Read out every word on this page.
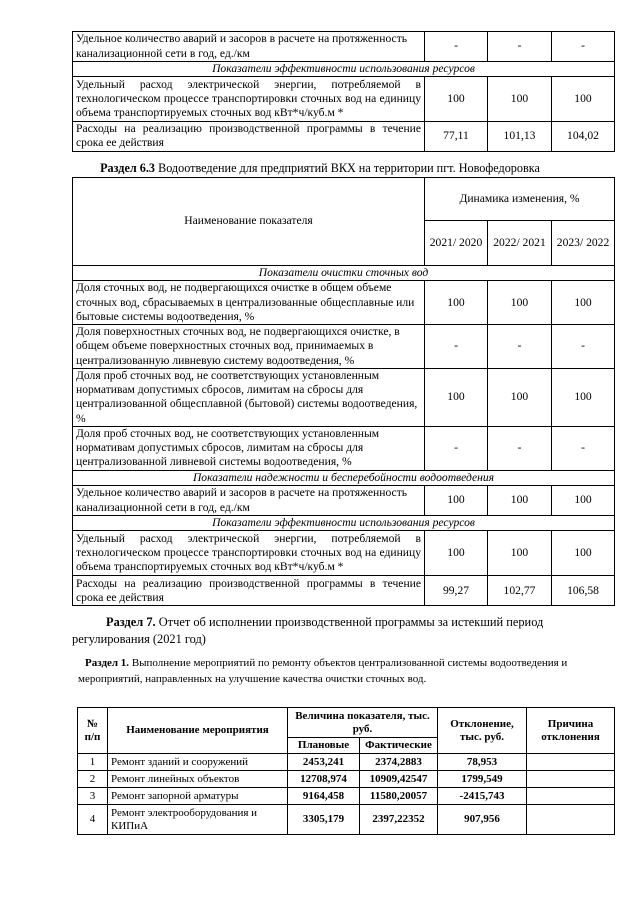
Удельное количество аварий и засоров в расчете на протяженность канализационной сети в год, ед./км	-	-	-
Показатели эффективности использования ресурсов			
Удельный расход электрической энергии, потребляемой в технологическом процессе транспортировки сточных вод на единицу объема транспортируемых сточных вод кВт*ч/куб.м *	100	100	100
Расходы на реализацию производственной программы в течение срока ее действия	77,11	101,13	104,02

Раздел 6.3 Водоотведение для предприятий ВКХ на территории пгт. Новофедоровка

Наименование показателя	Динамика изменения, %		
	2021/ 2020	2022/ 2021	2023/ 2022
Показатели очистки сточных вод			
Доля сточных вод, не подвергающихся очистке в общем объеме сточных вод, сбрасываемых в централизованные общесплавные или бытовые системы водоотведения, %	100	100	100
Доля поверхностных сточных вод, не подвергающихся очистке, в общем объеме поверхностных сточных вод, принимаемых в централизованную ливневую систему водоотведения, %	-	-	-
Доля проб сточных вод, не соответствующих установленным нормативам допустимых сбросов, лимитам на сбросы для централизованной общесплавной (бытовой) системы водоотведения, %	100	100	100
Доля проб сточных вод, не соответствующих установленным нормативам допустимых сбросов, лимитам на сбросы для централизованной ливневой системы водоотведения, %	-	-	-
Показатели надежности и бесперебойности водоотведения			
Удельное количество аварий и засоров в расчете на протяженность канализационной сети в год, ед./км	100	100	100
Показатели эффективности использования ресурсов			
Удельный расход электрической энергии, потребляемой в технологическом процессе транспортировки сточных вод на единицу объема транспортируемых сточных вод кВт*ч/куб.м *	100	100	100
Расходы на реализацию производственной программы в течение срока ее действия	99,27	102,77	106,58

Раздел 7. Отчет об исполнении производственной программы за истекший период регулирования (2021 год)

Раздел 1. Выполнение мероприятий по ремонту объектов централизованной системы водоотведения и мероприятий, направленных на улучшение качества очистки сточных вод.

№ п/п	Наименование мероприятия	Величина показателя, тыс. руб.		Отклонение, тыс. руб.	Причина отклонения
		Плановые	Фактические		
1	Ремонт зданий и сооружений	2453,241	2374,2883	78,953	
2	Ремонт линейных объектов	12708,974	10909,42547	1799,549	
3	Ремонт запорной арматуры	9164,458	11580,20057	-2415,743	
4	Ремонт электрооборудования и КИПиА	3305,179	2397,22352	907,956	
